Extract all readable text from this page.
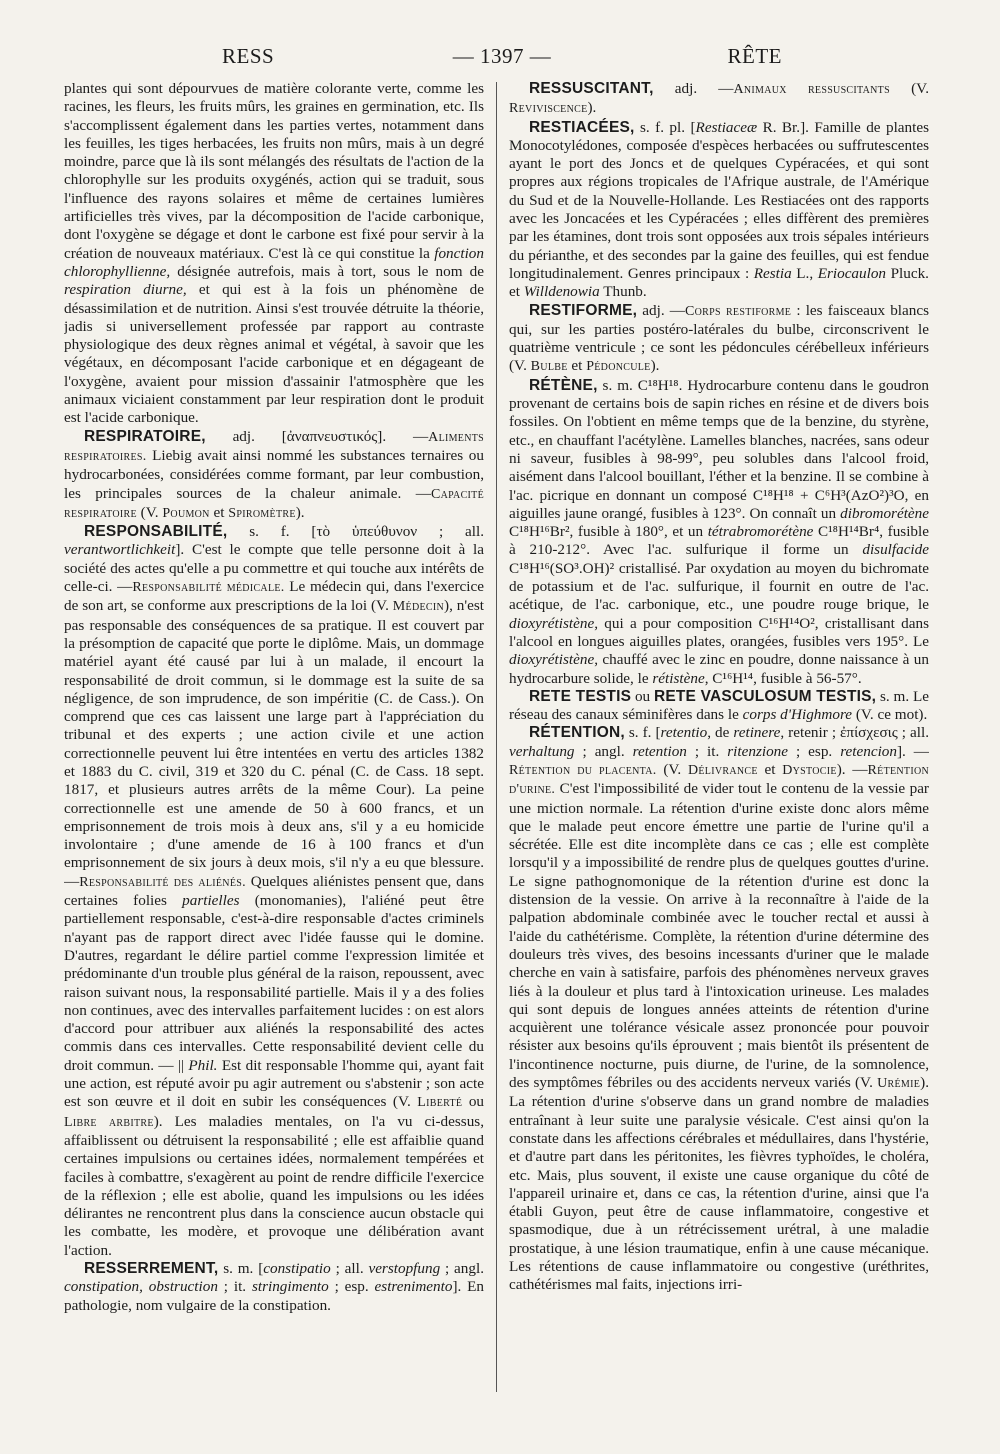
RESS	— 1397 —	RÊTE

plantes qui sont dépourvues de matière colorante verte, comme les racines, les fleurs, les fruits mûrs, les graines en germination, etc. Ils s'accomplissent également dans les parties vertes, notamment dans les feuilles, les tiges herbacées, les fruits non mûrs, mais à un degré moindre, parce que là ils sont mélangés des résultats de l'action de la chlorophylle sur les produits oxygénés, action qui se traduit, sous l'influence des rayons solaires et même de certaines lumières artificielles très vives, par la décomposition de l'acide carbonique, dont l'oxygène se dégage et dont le carbone est fixé pour servir à la création de nouveaux matériaux. C'est là ce qui constitue la fonction chlorophyllienne, désignée autrefois, mais à tort, sous le nom de respiration diurne, et qui est à la fois un phénomène de désassimilation et de nutrition. Ainsi s'est trouvée détruite la théorie, jadis si universellement professée par rapport au contraste physiologique des deux règnes animal et végétal, à savoir que les végétaux, en décomposant l'acide carbonique et en dégageant de l'oxygène, avaient pour mission d'assainir l'atmosphère que les animaux viciaient constamment par leur respiration dont le produit est l'acide carbonique.

RESPIRATOIRE, adj. [ἀναπνευστικός]. —Aliments respiratoires. Liebig avait ainsi nommé les substances ternaires ou hydrocarbonées, considérées comme formant, par leur combustion, les principales sources de la chaleur animale. —Capacité respiratoire (V. Poumon et Spiromètre).

RESPONSABILITÉ, s. f. [τὸ ὑπεύθυνον ; all. verantwortlichkeit]. C'est le compte que telle personne doit à la société des actes qu'elle a pu commettre et qui touche aux intérêts de celle-ci. —Responsabilité médicale. Le médecin qui, dans l'exercice de son art, se conforme aux prescriptions de la loi (V. Médecin), n'est pas responsable des conséquences de sa pratique. Il est couvert par la présomption de capacité que porte le diplôme. Mais, un dommage matériel ayant été causé par lui à un malade, il encourt la responsabilité de droit commun, si le dommage est la suite de sa négligence, de son imprudence, de son impéritie (C. de Cass.). On comprend que ces cas laissent une large part à l'appréciation du tribunal et des experts ; une action civile et une action correctionnelle peuvent lui être intentées en vertu des articles 1382 et 1883 du C. civil, 319 et 320 du C. pénal (C. de Cass. 18 sept. 1817, et plusieurs autres arrêts de la même Cour). La peine correctionnelle est une amende de 50 à 600 francs, et un emprisonnement de trois mois à deux ans, s'il y a eu homicide involontaire ; d'une amende de 16 à 100 francs et d'un emprisonnement de six jours à deux mois, s'il n'y a eu que blessure. —Responsabilité des aliénés. Quelques aliénistes pensent que, dans certaines folies partielles (monomanies), l'aliéné peut être partiellement responsable, c'est-à-dire responsable d'actes criminels n'ayant pas de rapport direct avec l'idée fausse qui le domine. D'autres, regardant le délire partiel comme l'expression limitée et prédominante d'un trouble plus général de la raison, repoussent, avec raison suivant nous, la responsabilité partielle. Mais il y a des folies non continues, avec des intervalles parfaitement lucides : on est alors d'accord pour attribuer aux aliénés la responsabilité des actes commis dans ces intervalles. Cette responsabilité devient celle du droit commun. — || Phil. Est dit responsable l'homme qui, ayant fait une action, est réputé avoir pu agir autrement ou s'abstenir ; son acte est son œuvre et il doit en subir les conséquences (V. Liberté ou Libre arbitre). Les maladies mentales, on l'a vu ci-dessus, affaiblissent ou détruisent la responsabilité ; elle est affaiblie quand certaines impulsions ou certaines idées, normalement tempérées et faciles à combattre, s'exagèrent au point de rendre difficile l'exercice de la réflexion ; elle est abolie, quand les impulsions ou les idées délirantes ne rencontrent plus dans la conscience aucun obstacle qui les combatte, les modère, et provoque une délibération avant l'action.

RESSERREMENT, s. m. [constipatio ; all. verstopfung ; angl. constipation, obstruction ; it. stringimento ; esp. estrenimento]. En pathologie, nom vulgaire de la constipation.

RESSUSCITANT, adj. —Animaux ressuscitants (V. Reviviscence).

RESTIACÉES, s. f. pl. [Restiaceæ R. Br.]. Famille de plantes Monocotylédones, composée d'espèces herbacées ou suffrutescentes ayant le port des Joncs et de quelques Cypéracées, et qui sont propres aux régions tropicales de l'Afrique australe, de l'Amérique du Sud et de la Nouvelle-Hollande. Les Restiacées ont des rapports avec les Joncacées et les Cypéracées ; elles diffèrent des premières par les étamines, dont trois sont opposées aux trois sépales intérieurs du périanthe, et des secondes par la gaine des feuilles, qui est fendue longitudinalement. Genres principaux : Restia L., Eriocaulon Pluck. et Willdenowia Thunb.

RESTIFORME, adj. —Corps restiforme : les faisceaux blancs qui, sur les parties postéro-latérales du bulbe, circonscrivent le quatrième ventricule ; ce sont les pédoncules cérébelleux inférieurs (V. Bulbe et Pédoncule).

RÉTÈNE, s. m. C¹⁸H¹⁸. Hydrocarbure contenu dans le goudron provenant de certains bois de sapin riches en résine et de divers bois fossiles. On l'obtient en même temps que de la benzine, du styrène, etc., en chauffant l'acétylène. Lamelles blanches, nacrées, sans odeur ni saveur, fusibles à 98-99°, peu solubles dans l'alcool froid, aisément dans l'alcool bouillant, l'éther et la benzine. Il se combine à l'ac. picrique en donnant un composé C¹⁸H¹⁸ + C⁶H³(AzO²)³O, en aiguilles jaune orangé, fusibles à 123°. On connaît un dibromorétène C¹⁸H¹⁶Br², fusible à 180°, et un tétrabromorétène C¹⁸H¹⁴Br⁴, fusible à 210-212°. Avec l'ac. sulfurique il forme un disulfacide C¹⁸H¹⁶(SO³.OH)² cristallisé. Par oxydation au moyen du bichromate de potassium et de l'ac. sulfurique, il fournit en outre de l'ac. acétique, de l'ac. carbonique, etc., une poudre rouge brique, le dioxyrétistène, qui a pour composition C¹⁶H¹⁴O², cristallisant dans l'alcool en longues aiguilles plates, orangées, fusibles vers 195°. Le dioxyrétistène, chauffé avec le zinc en poudre, donne naissance à un hydrocarbure solide, le rétistène, C¹⁶H¹⁴, fusible à 56-57°.

RETE TESTIS ou RETE VASCULOSUM TESTIS, s. m. Le réseau des canaux séminifères dans le corps d'Highmore (V. ce mot).

RÉTENTION, s. f. [retentio, de retinere, retenir ; ἐπίσχεσις ; all. verhaltung ; angl. retention ; it. ritenzione ; esp. retencion]. —Rétention du placenta. (V. Délivrance et Dystocie). —Rétention d'urine. C'est l'impossibilité de vider tout le contenu de la vessie par une miction normale. La rétention d'urine existe donc alors même que le malade peut encore émettre une partie de l'urine qu'il a sécrétée. Elle est dite incomplète dans ce cas ; elle est complète lorsqu'il y a impossibilité de rendre plus de quelques gouttes d'urine. Le signe pathognomonique de la rétention d'urine est donc la distension de la vessie. On arrive à la reconnaître à l'aide de la palpation abdominale combinée avec le toucher rectal et aussi à l'aide du cathétérisme. Complète, la rétention d'urine détermine des douleurs très vives, des besoins incessants d'uriner que le malade cherche en vain à satisfaire, parfois des phénomènes nerveux graves liés à la douleur et plus tard à l'intoxication urineuse. Les malades qui sont depuis de longues années atteints de rétention d'urine acquièrent une tolérance vésicale assez prononcée pour pouvoir résister aux besoins qu'ils éprouvent ; mais bientôt ils présentent de l'incontinence nocturne, puis diurne, de l'urine, de la somnolence, des symptômes fébriles ou des accidents nerveux variés (V. Urémie). La rétention d'urine s'observe dans un grand nombre de maladies entraînant à leur suite une paralysie vésicale. C'est ainsi qu'on la constate dans les affections cérébrales et médullaires, dans l'hystérie, et d'autre part dans les péritonites, les fièvres typhoïdes, le choléra, etc. Mais, plus souvent, il existe une cause organique du côté de l'appareil urinaire et, dans ce cas, la rétention d'urine, ainsi que l'a établi Guyon, peut être de cause inflammatoire, congestive et spasmodique, due à un rétrécissement urétral, à une maladie prostatique, à une lésion traumatique, enfin à une cause mécanique. Les rétentions de cause inflammatoire ou congestive (uréthrites, cathétérismes mal faits, injections irri-
